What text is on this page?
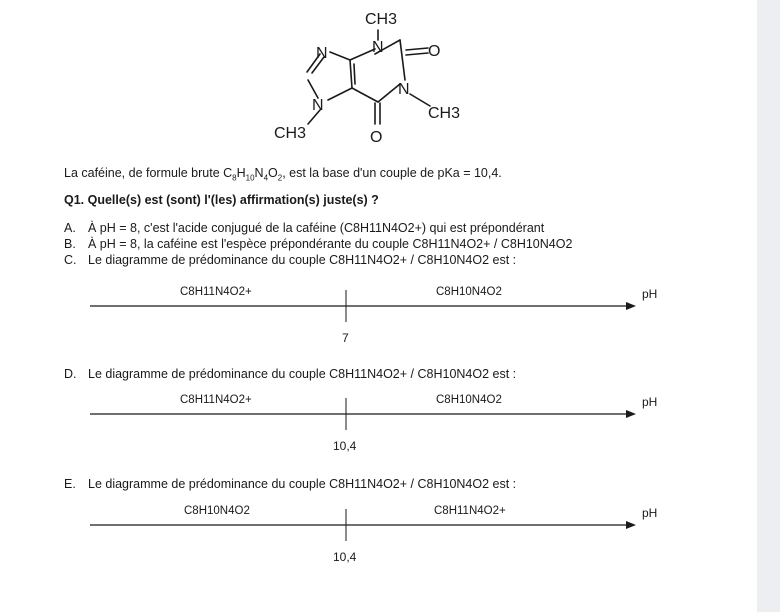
CH3
N	O
N
CH3
N
N
CH3	O
La caféine, de formule brute $C_8H_{10}N_4O_2$, est la base d'un couple de pKa = 10,4.
Q1. Quelle(s) est (sont) l'(les) affirmation(s) juste(s) ?
A. À pH = 8, c'est l'acide conjugué de la caféine (C8H11N4O2+) qui est prépondérant
B. À pH = 8, la caféine est l'espèce prépondérante du couple C8H11N4O2+ / C8H10N4O2
C. Le diagramme de prédominance du couple C8H11N4O2+ / C8H10N4O2 est :
C8H11N4O2+	C8H10N4O2	pH
7
D. Le diagramme de prédominance du couple C8H11N4O2+ / C8H10N4O2 est :
C8H11N4O2+	C8H10N4O2	pH
10,4
E. Le diagramme de prédominance du couple C8H11N4O2+ / C8H10N4O2 est :
C8H10N4O2	C8H11N4O2+	pH
10,4
